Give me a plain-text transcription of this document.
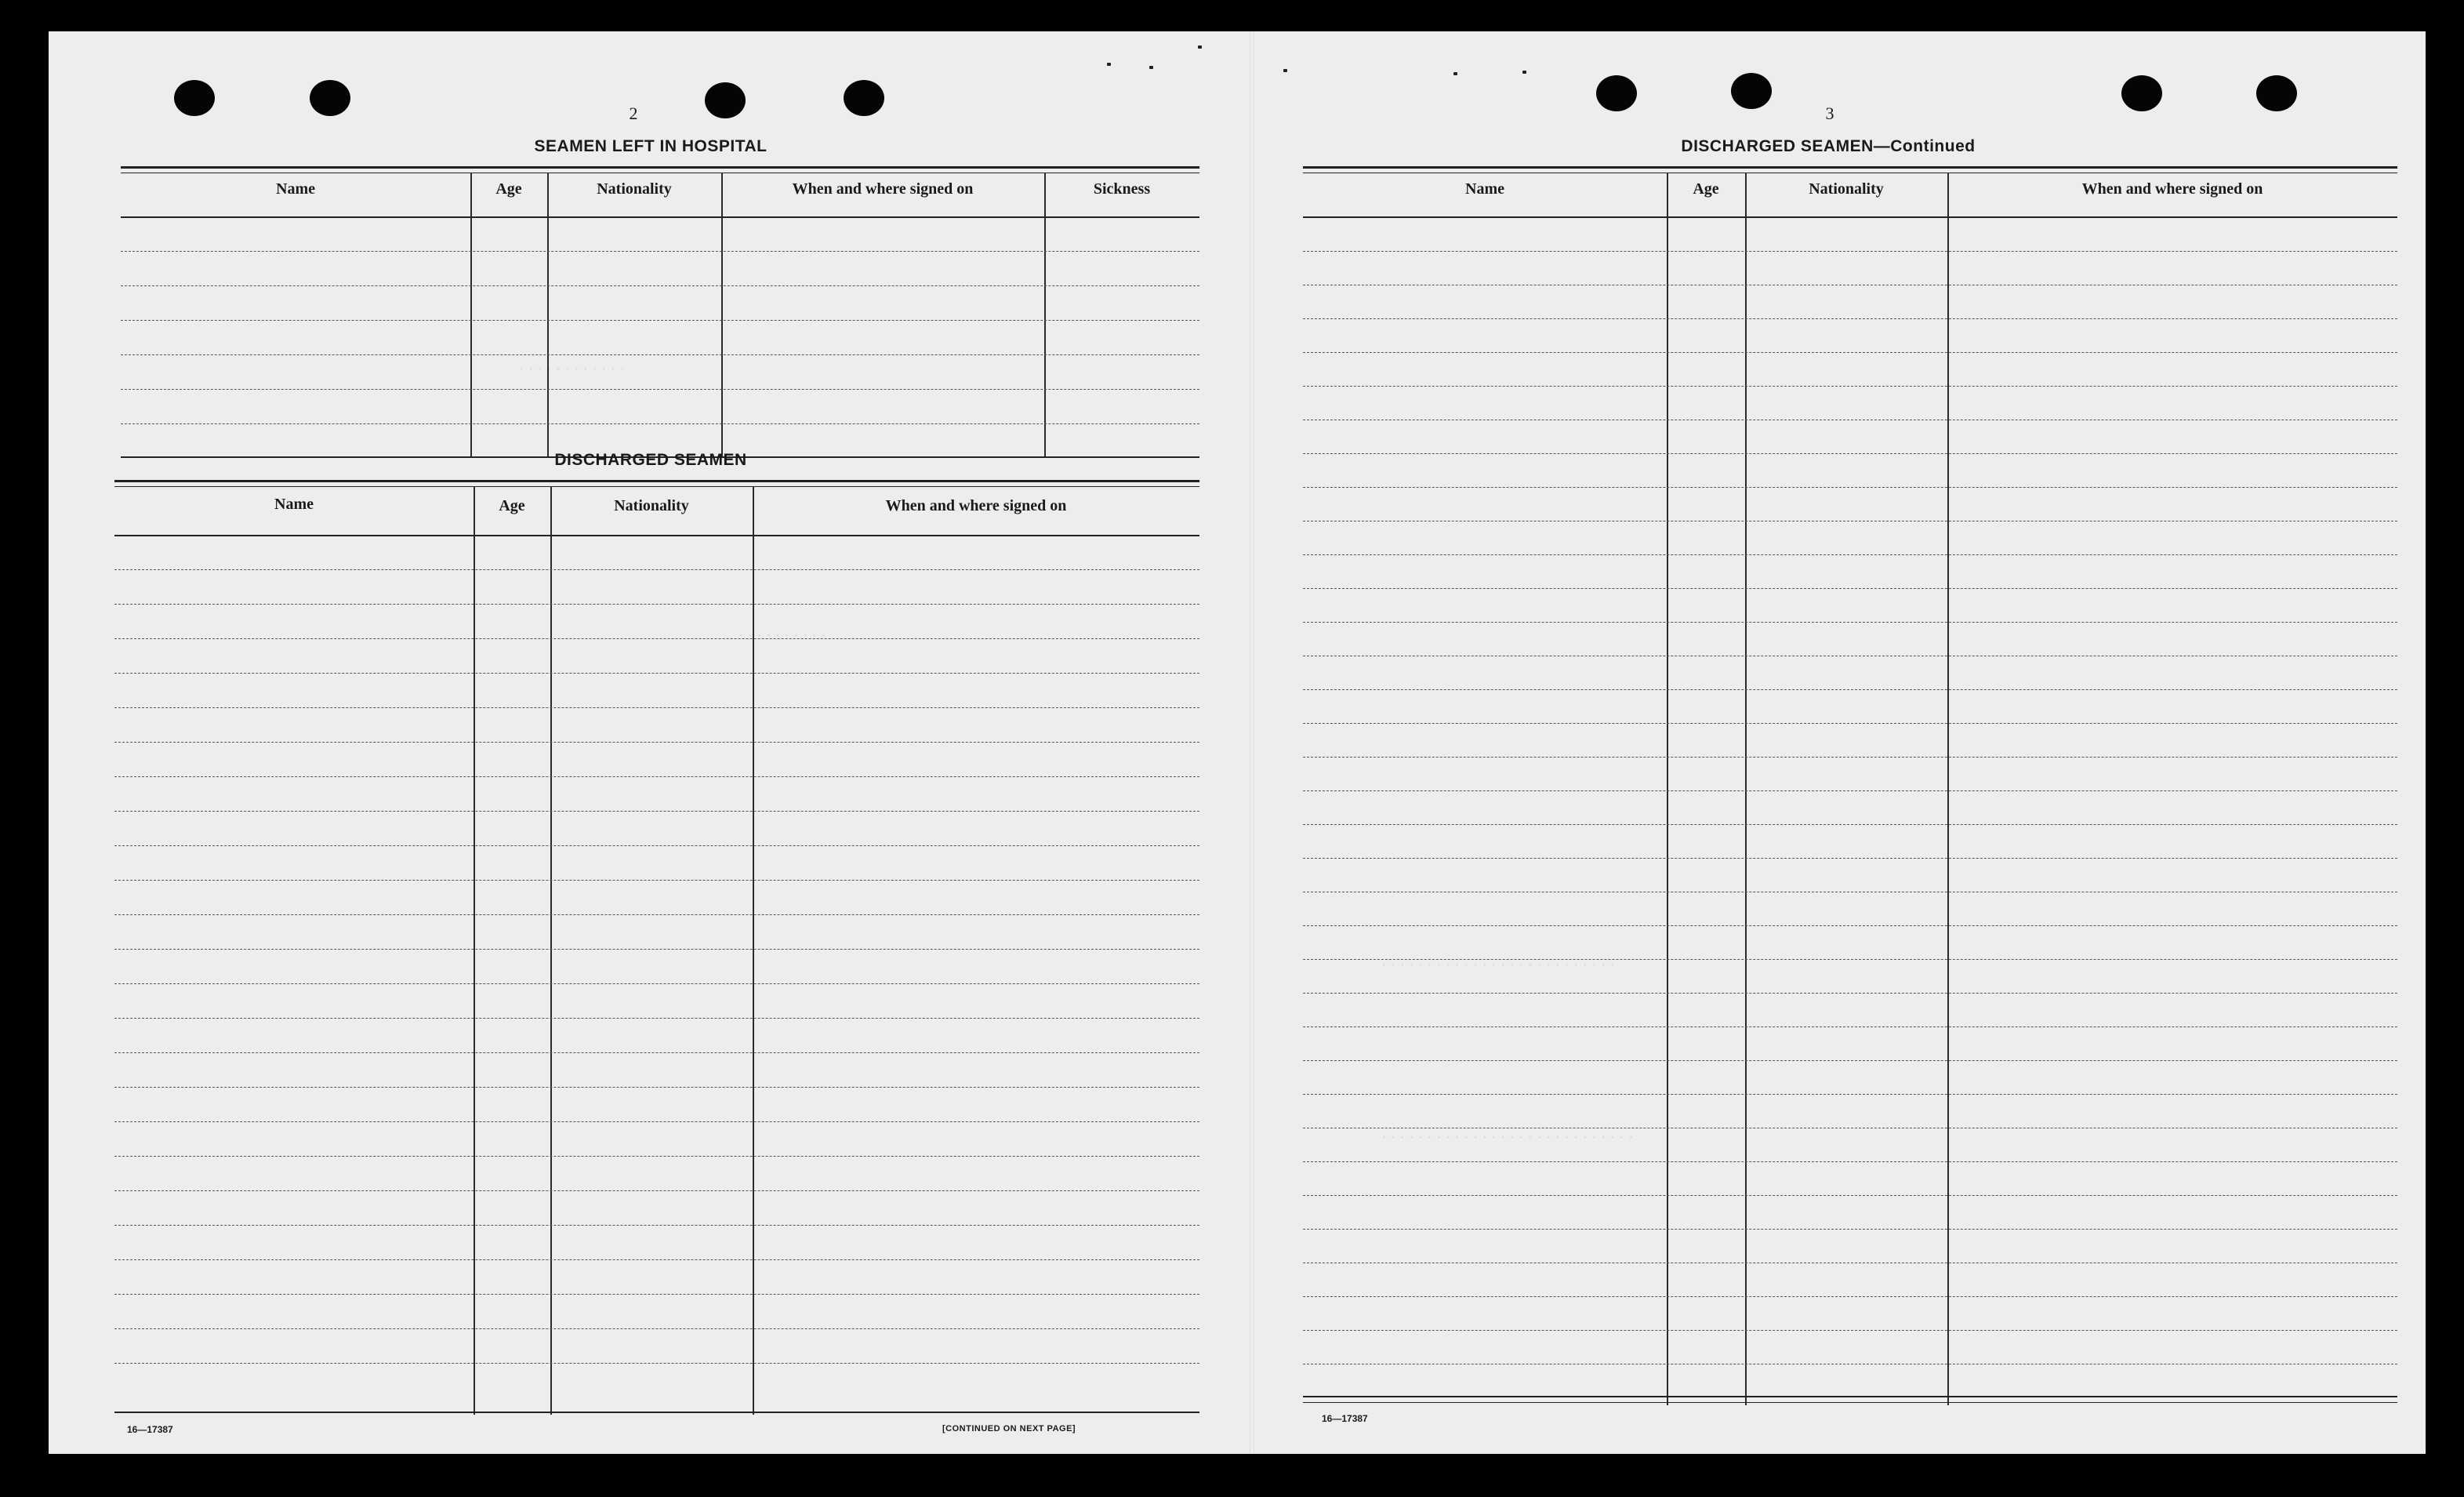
· · · · · · · · · · · ·
· · · · · · · · · ·
· · · · · · · · · · · · · · · · · · · · · · · · · ·
· · · · · · · · · · · · · · · · · · · · · · · · · · · ·
2
SEAMEN LEFT IN HOSPITAL
Name	Age	Nationality	When and where signed on	Sickness
DISCHARGED SEAMEN
Name	Age	Nationality	When and where signed on
16—17387	[CONTINUED ON NEXT PAGE]
3
DISCHARGED SEAMEN—Continued
Name	Age	Nationality	When and where signed on
16—17387
